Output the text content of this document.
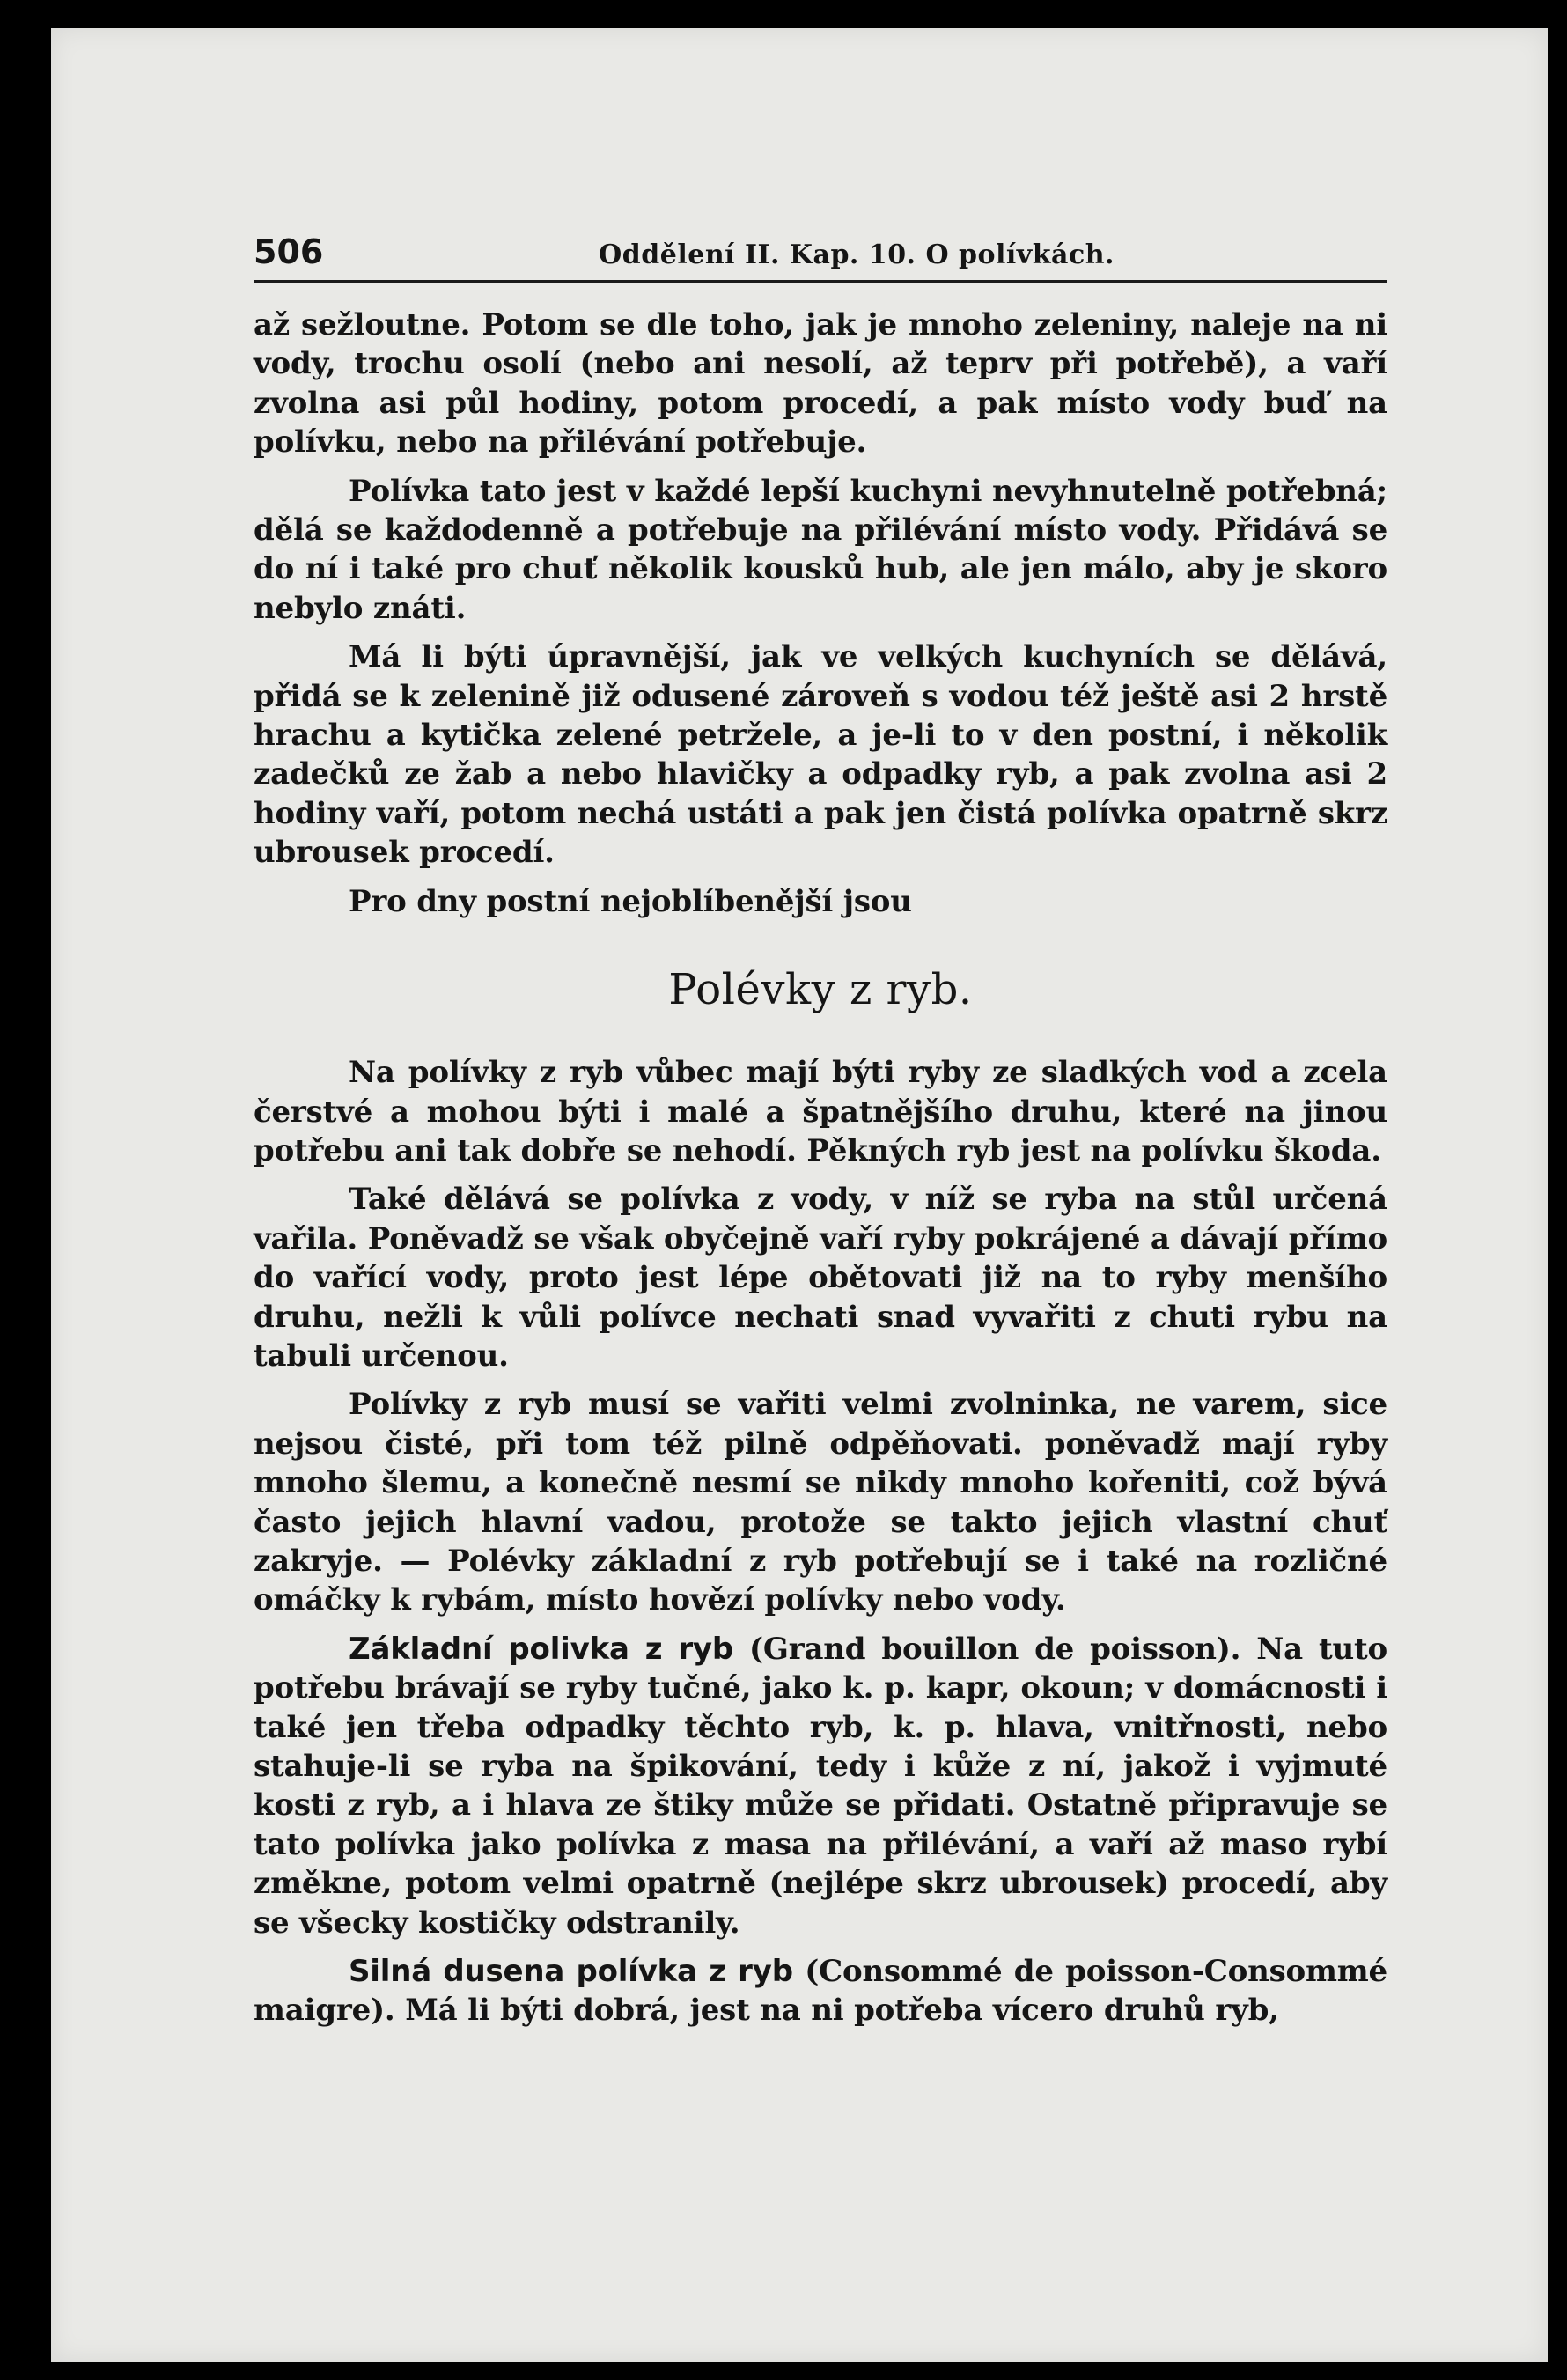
506	Oddělení II. Kap. 10. O polívkách.

až sežloutne. Potom se dle toho, jak je mnoho zeleniny, naleje na ni vody, trochu osolí (nebo ani nesolí, až teprv při potřebě), a vaří zvolna asi půl hodiny, potom procedí, a pak místo vody buď na polívku, nebo na přilévání potřebuje.

Polívka tato jest v každé lepší kuchyni nevyhnutelně potřebná; dělá se každodenně a potřebuje na přilévání místo vody. Přidává se do ní i také pro chuť několik kousků hub, ale jen málo, aby je skoro nebylo znáti.

Má li býti úpravnější, jak ve velkých kuchyních se dělává, přidá se k zelenině již odusené zároveň s vodou též ještě asi 2 hrstě hrachu a kytička zelené petržele, a je-li to v den postní, i několik zadečků ze žab a nebo hlavičky a odpadky ryb, a pak zvolna asi 2 hodiny vaří, potom nechá ustáti a pak jen čistá polívka opatrně skrz ubrousek procedí.

Pro dny postní nejoblíbenější jsou

Polévky z ryb.

Na polívky z ryb vůbec mají býti ryby ze sladkých vod a zcela čerstvé a mohou býti i malé a špatnějšího druhu, které na jinou potřebu ani tak dobře se nehodí. Pěkných ryb jest na polívku škoda.

Také dělává se polívka z vody, v níž se ryba na stůl určená vařila. Poněvadž se však obyčejně vaří ryby pokrájené a dávají přímo do vařící vody, proto jest lépe obětovati již na to ryby menšího druhu, nežli k vůli polívce nechati snad vyvařiti z chuti rybu na tabuli určenou.

Polívky z ryb musí se vařiti velmi zvolninka, ne varem, sice nejsou čisté, při tom též pilně odpěňovati. poněvadž mají ryby mnoho šlemu, a konečně nesmí se nikdy mnoho kořeniti, což bývá často jejich hlavní vadou, protože se takto jejich vlastní chuť zakryje. — Polévky základní z ryb potřebují se i také na rozličné omáčky k rybám, místo hovězí polívky nebo vody.

Základní polivka z ryb (Grand bouillon de poisson). Na tuto potřebu brávají se ryby tučné, jako k. p. kapr, okoun; v domácnosti i také jen třeba odpadky těchto ryb, k. p. hlava, vnitřnosti, nebo stahuje-li se ryba na špikování, tedy i kůže z ní, jakož i vyjmuté kosti z ryb, a i hlava ze štiky může se přidati. Ostatně připravuje se tato polívka jako polívka z masa na přilévání, a vaří až maso rybí změkne, potom velmi opatrně (nejlépe skrz ubrousek) procedí, aby se všecky kostičky odstranily.

Silná dusena polívka z ryb (Consommé de poisson-Consommé maigre). Má li býti dobrá, jest na ni potřeba vícero druhů ryb,
